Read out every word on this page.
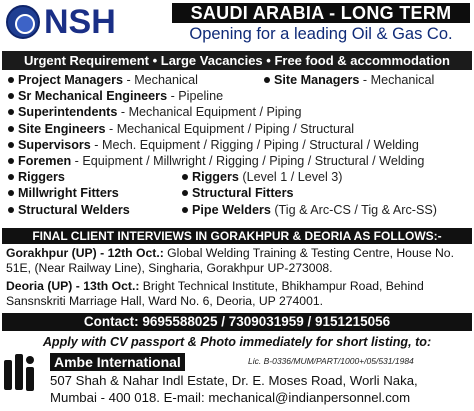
NSH	SAUDI ARABIA - LONG TERM
Opening for a leading Oil & Gas Co.
Urgent Requirement • Large Vacancies • Free food & accommodation
Project Managers - Mechanical	Site Managers - Mechanical
Sr Mechanical Engineers - Pipeline
Superintendents - Mechanical Equipment / Piping
Site Engineers - Mechanical Equipment / Piping / Structural
Supervisors - Mech. Equipment / Rigging / Piping / Structural / Welding
Foremen - Equipment / Millwright / Rigging / Piping / Structural / Welding
Riggers	Riggers (Level 1 / Level 3)
Millwright Fitters	Structural Fitters
Structural Welders	Pipe Welders (Tig & Arc-CS / Tig & Arc-SS)
FINAL CLIENT INTERVIEWS IN GORAKHPUR & DEORIA AS FOLLOWS:-
Gorakhpur (UP) - 12th Oct.: Global Welding Training & Testing Centre, House No.
51E, (Near Railway Line), Singharia, Gorakhpur UP-273008.
Deoria (UP) - 13th Oct.: Bright Technical Institute, Bhikhampur Road, Behind
Sansnskriti Marriage Hall, Ward No. 6, Deoria, UP 274001.
Contact: 9695588025 / 7309031959 / 9151215056
Apply with CV passport & Photo immediately for short listing, to:
Ambe International	Lic. B-0336/MUM/PART/1000+/05/531/1984
507 Shah & Nahar Indl Estate, Dr. E. Moses Road, Worli Naka,
Mumbai - 400 018. E-mail: mechanical@indianpersonnel.com
